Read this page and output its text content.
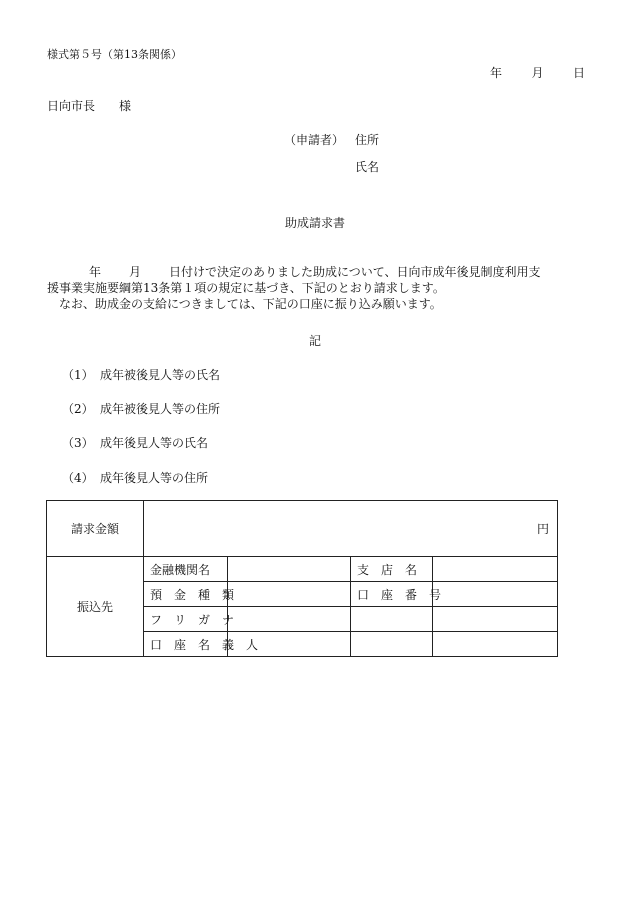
様式第５号（第13条関係）
年 月 日
日向市長 様
（申請者） 住所
氏名
助成請求書
年 月 日付けで決定のありました助成について、日向市成年後見制度利用支
援事業実施要綱第13条第１項の規定に基づき、下記のとおり請求します。
なお、助成金の支給につきましては、下記の口座に振り込み願います。
記
（1） 成年被後見人等の氏名
（2） 成年被後見人等の住所
（3） 成年後見人等の氏名
（4） 成年後見人等の住所
請求金額	円			
振込先	金融機関名		支　店　名	
	預　金　種　類		口　座　番　号	
	フ　リ　ガ　ナ			
	口　座　名　義　人			
